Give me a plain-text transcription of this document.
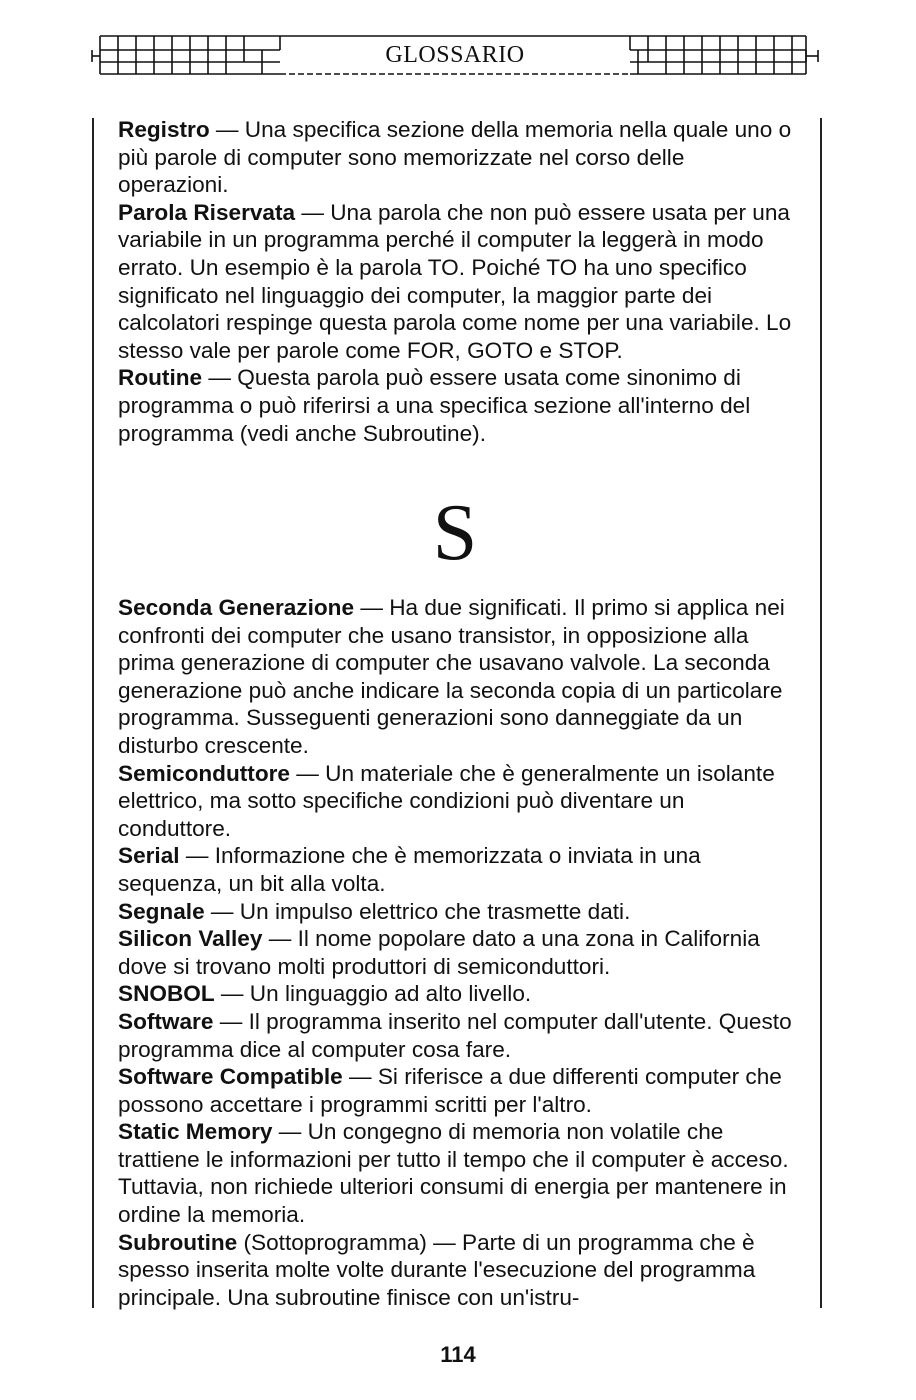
GLOSSARIO

Registro — Una specifica sezione della memoria nella quale uno o più parole di computer sono memorizzate nel corso delle operazioni.

Parola Riservata — Una parola che non può essere usata per una variabile in un programma perché il computer la leggerà in modo errato. Un esempio è la parola TO. Poiché TO ha uno specifico significato nel linguaggio dei computer, la maggior parte dei calcolatori respinge questa parola come nome per una variabile. Lo stesso vale per parole come FOR, GOTO e STOP.

Routine — Questa parola può essere usata come sinonimo di programma o può riferirsi a una specifica sezione all'interno del programma (vedi anche Subroutine).

S

Seconda Generazione — Ha due significati. Il primo si applica nei confronti dei computer che usano transistor, in opposizione alla prima generazione di computer che usavano valvole. La seconda generazione può anche indicare la seconda copia di un particolare programma. Susseguenti generazioni sono danneggiate da un disturbo crescente.

Semiconduttore — Un materiale che è generalmente un isolante elettrico, ma sotto specifiche condizioni può diventare un conduttore.

Serial — Informazione che è memorizzata o inviata in una sequenza, un bit alla volta.

Segnale — Un impulso elettrico che trasmette dati.

Silicon Valley — Il nome popolare dato a una zona in California dove si trovano molti produttori di semiconduttori.

SNOBOL — Un linguaggio ad alto livello.

Software — Il programma inserito nel computer dall'utente. Questo programma dice al computer cosa fare.

Software Compatible — Si riferisce a due differenti computer che possono accettare i programmi scritti per l'altro.

Static Memory — Un congegno di memoria non volatile che trattiene le informazioni per tutto il tempo che il computer è acceso. Tuttavia, non richiede ulteriori consumi di energia per mantenere in ordine la memoria.

Subroutine (Sottoprogramma) — Parte di un programma che è spesso inserita molte volte durante l'esecuzione del programma principale. Una subroutine finisce con un'istru-

114
